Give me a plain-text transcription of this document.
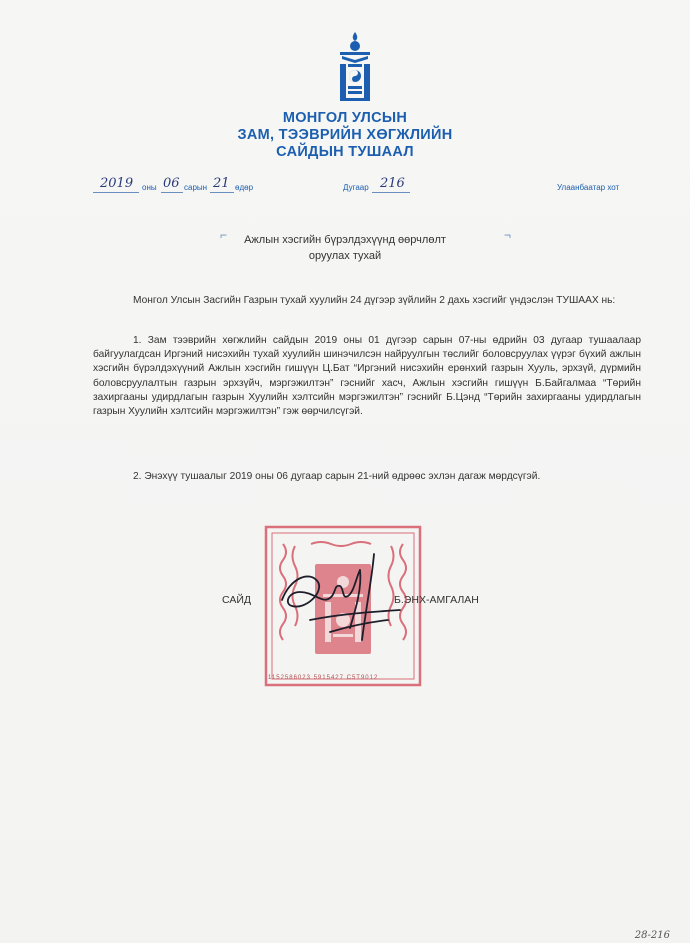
МОНГОЛ УЛСЫН
ЗАМ, ТЭЭВРИЙН ХӨГЖЛИЙН
САЙДЫН ТУШААЛ
2019 оны 06 сарын 21 өдөр	Дугаар 216	Улаанбаатар хот
⌐	¬
Ажлын хэсгийн бүрэлдэхүүнд өөрчлөлт
оруулах тухай
Монгол Улсын Засгийн Газрын тухай хуулийн 24 дүгээр зүйлийн 2 дахь хэсгийг үндэслэн ТУШААХ нь:
1. Зам тээврийн хөгжлийн сайдын 2019 оны 01 дүгээр сарын 07-ны өдрийн 03 дугаар тушаалаар байгуулагдсан Иргэний нисэхийн тухай хуулийн шинэчилсэн найруулгын төслийг боловсруулах үүрэг бүхий ажлын хэсгийн бүрэлдэхүүний Ажлын хэсгийн гишүүн Ц.Бат “Иргэний нисэхийн ерөнхий газрын Хууль, эрхзүй, дүрмийн боловсруулалтын газрын эрхзүйч, мэргэжилтэн” гэснийг хасч, Ажлын хэсгийн гишүүн Б.Байгалмаа “Төрийн захиргааны удирдлагын газрын Хуулийн хэлтсийн мэргэжилтэн” гэснийг Б.Цэнд “Төрийн захиргааны удирдлагын газрын Хуулийн хэлтсийн мэргэжилтэн” гэж өөрчилсүгэй.
2. Энэхүү тушаалыг 2019 оны 06 дугаар сарын 21-ний өдрөөс эхлэн дагаж мөрдсүгэй.
1152586023 5915427 C5T9012
САЙД	Б.ЭНХ-АМГАЛАН
28-216
